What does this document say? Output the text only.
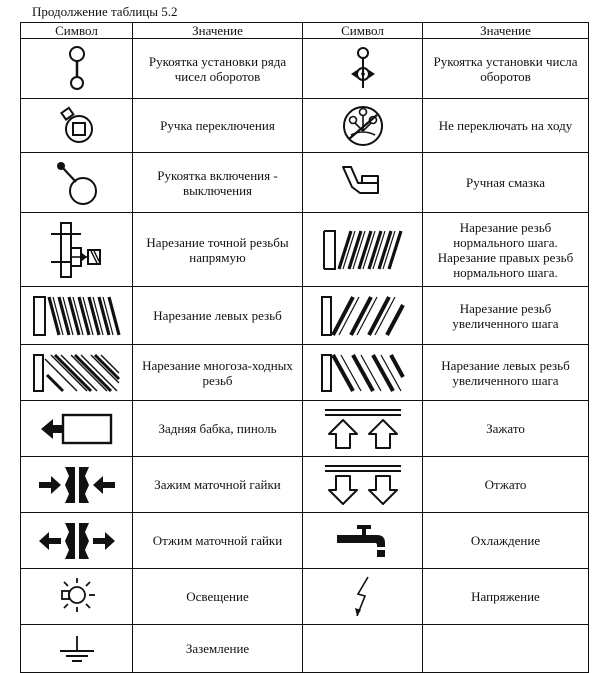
Продолжение таблицы 5.2
Символ	Значение	Символ	Значение

	Рукоятка установки ряда чисел оборотов		Рукоятка установки числа оборотов

	Ручка переключения		Не переключать на ходу

	Рукоятка включения - выключения		Ручная смазка

	Нарезание точной резьбы напрямую		Нарезание резьб нормального шага. Нарезание правых резьб нормального шага.

	Нарезание левых резьб		Нарезание резьб увеличенного шага

	Нарезание многоза-ходных резьб		Нарезание левых резьб увеличенного шага

	Задняя бабка, пиноль		Зажато

	Зажим маточной гайки		Отжато

	Отжим маточной гайки		Охлаждение

	Освещение		Напряжение

	Заземление		
